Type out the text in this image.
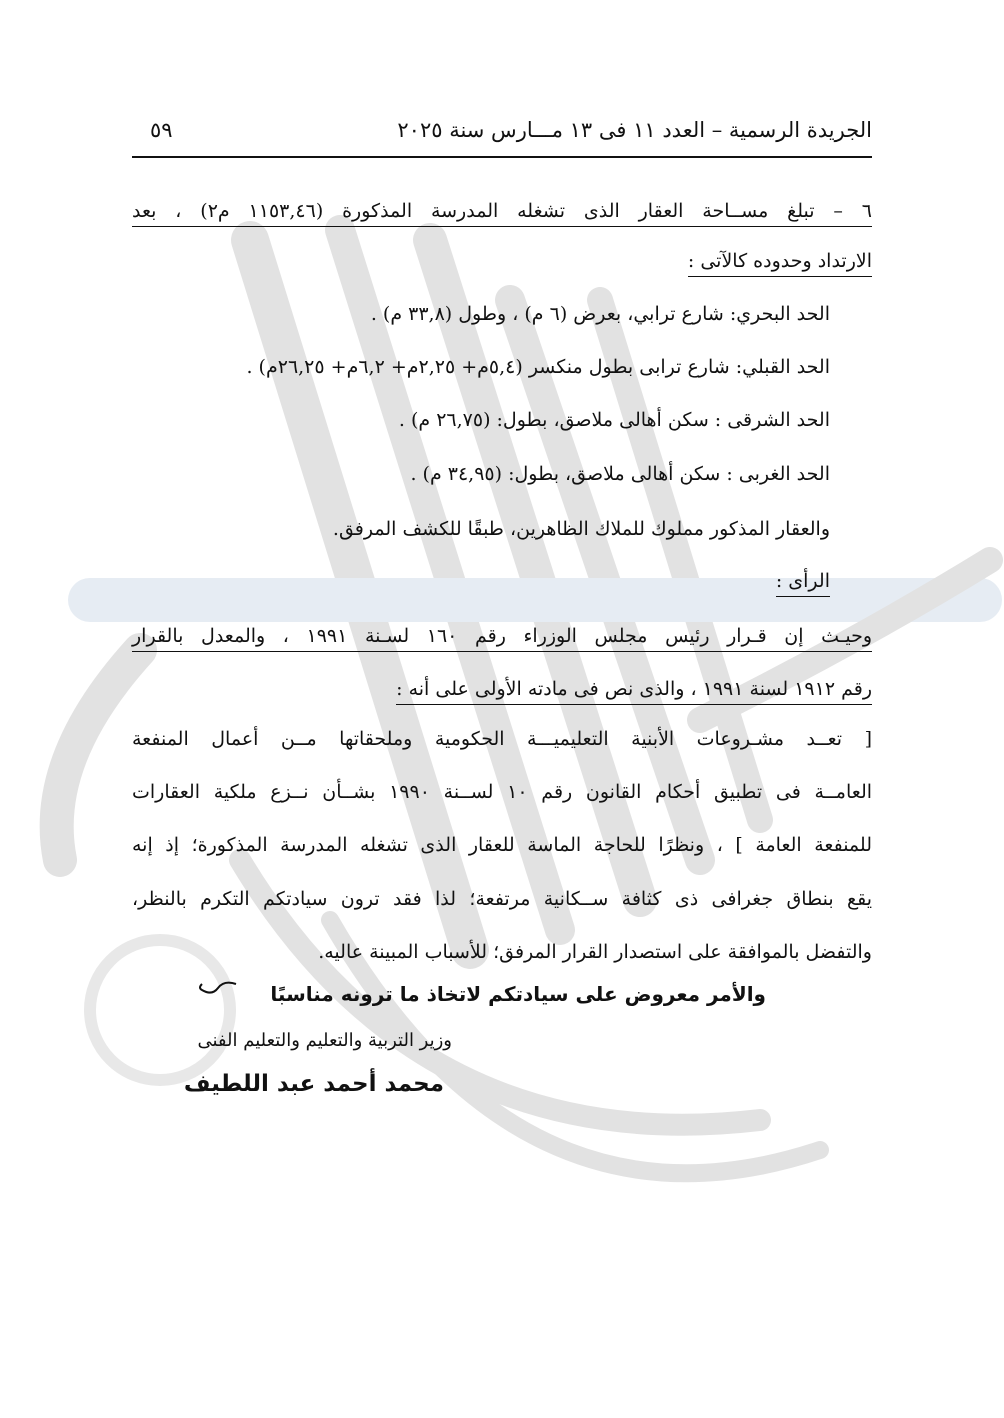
الجريدة الرسمية – العدد ١١ فى ١٣ مـــارس سنة ٢٠٢٥
٥٩
٦ – تبلغ مســاحة العقار الذى تشغله المدرسة المذكورة (١١٥٣,٤٦ م٢) ، بعد
الارتداد وحدوده كالآتى :
الحد البحري: شارع ترابي، بعرض (٦ م) ، وطول (٣٣,٨ م) .
الحد القبلي: شارع ترابى بطول منكسر (٥,٤م+ ٢,٢٥م+ ٦,٢م+ ٢٦,٢٥م) .
الحد الشرقى : سكن أهالى ملاصق، بطول: (٢٦,٧٥ م) .
الحد الغربى : سكن أهالى ملاصق، بطول: (٣٤,٩٥ م) .
والعقار المذكور مملوك للملاك الظاهرين، طبقًا للكشف المرفق.
الرأى :
وحيـث إن قـرار رئيس مجلس الوزراء رقم ١٦٠ لسـنة ١٩٩١ ، والمعدل بالقرار
رقم ١٩١٢ لسنة ١٩٩١ ، والذى نص فى مادته الأولى على أنه :
[ تعــد مشـروعات الأبنية التعليميـــة الحكومية وملحقاتها مــن أعمال المنفعة
العامــة فى تطبيق أحكام القانون رقم ١٠ لســنة ١٩٩٠ بشــأن نــزع ملكية العقارات
للمنفعة العامة ] ، ونظرًا للحاجة الماسة للعقار الذى تشغله المدرسة المذكورة؛ إذ إنه
يقع بنطاق جغرافى ذى كثافة ســكانية مرتفعة؛ لذا فقد ترون سيادتكم التكرم بالنظر،
والتفضل بالموافقة على استصدار القرار المرفق؛ للأسباب المبينة عاليه.
والأمر معروض على سيادتكم لاتخاذ ما ترونه مناسبًا
وزير التربية والتعليم والتعليم الفنى
محمد أحمد عبد اللطيف
